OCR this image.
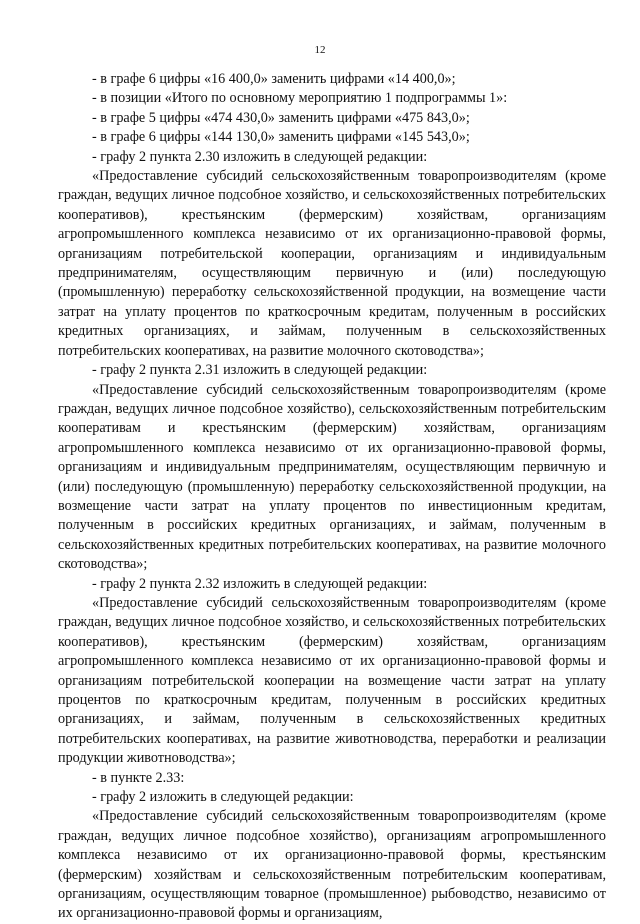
12

- в графе 6 цифры «16 400,0» заменить цифрами «14 400,0»;

- в позиции «Итого по основному мероприятию 1 подпрограммы 1»:

- в графе 5 цифры «474 430,0» заменить цифрами «475 843,0»;

- в графе 6 цифры «144 130,0» заменить цифрами «145 543,0»;

- графу 2 пункта 2.30 изложить в следующей редакции:

«Предоставление субсидий сельскохозяйственным товаропроизводителям (кроме граждан, ведущих личное подсобное хозяйство, и сельскохозяйственных потребительских кооперативов), крестьянским (фермерским) хозяйствам, организациям агропромышленного комплекса независимо от их организационно-правовой формы, организациям потребительской кооперации, организациям и индивидуальным предпринимателям, осуществляющим первичную и (или) последующую (промышленную) переработку сельскохозяйственной продукции, на возмещение части затрат на уплату процентов по краткосрочным кредитам, полученным в российских кредитных организациях, и займам, полученным в сельскохозяйственных потребительских кооперативах, на развитие молочного скотоводства»;

- графу 2 пункта 2.31 изложить в следующей редакции:

«Предоставление субсидий сельскохозяйственным товаропроизводителям (кроме граждан, ведущих личное подсобное хозяйство), сельскохозяйственным потребительским кооперативам и крестьянским (фермерским) хозяйствам, организациям агропромышленного комплекса независимо от их организационно-правовой формы, организациям и индивидуальным предпринимателям, осуществляющим первичную и (или) последующую (промышленную) переработку сельскохозяйственной продукции, на возмещение части затрат на уплату процентов по инвестиционным кредитам, полученным в российских кредитных организациях, и займам, полученным в сельскохозяйственных кредитных потребительских кооперативах, на развитие молочного скотоводства»;

- графу 2 пункта 2.32 изложить в следующей редакции:

«Предоставление субсидий сельскохозяйственным товаропроизводителям (кроме граждан, ведущих личное подсобное хозяйство, и сельскохозяйственных потребительских кооперативов), крестьянским (фермерским) хозяйствам, организациям агропромышленного комплекса независимо от их организационно-правовой формы и организациям потребительской кооперации на возмещение части затрат на уплату процентов по краткосрочным кредитам, полученным в российских кредитных организациях, и займам, полученным в сельскохозяйственных кредитных потребительских кооперативах, на развитие животноводства, переработки и реализации продукции животноводства»;

- в пункте 2.33:

- графу 2 изложить в следующей редакции:

«Предоставление субсидий сельскохозяйственным товаропроизводителям (кроме граждан, ведущих личное подсобное хозяйство), организациям агропромышленного комплекса независимо от их организационно-правовой формы, крестьянским (фермерским) хозяйствам и сельскохозяйственным потребительским кооперативам, организациям, осуществляющим товарное (промышленное) рыбоводство, независимо от их организационно-правовой формы и организациям,
